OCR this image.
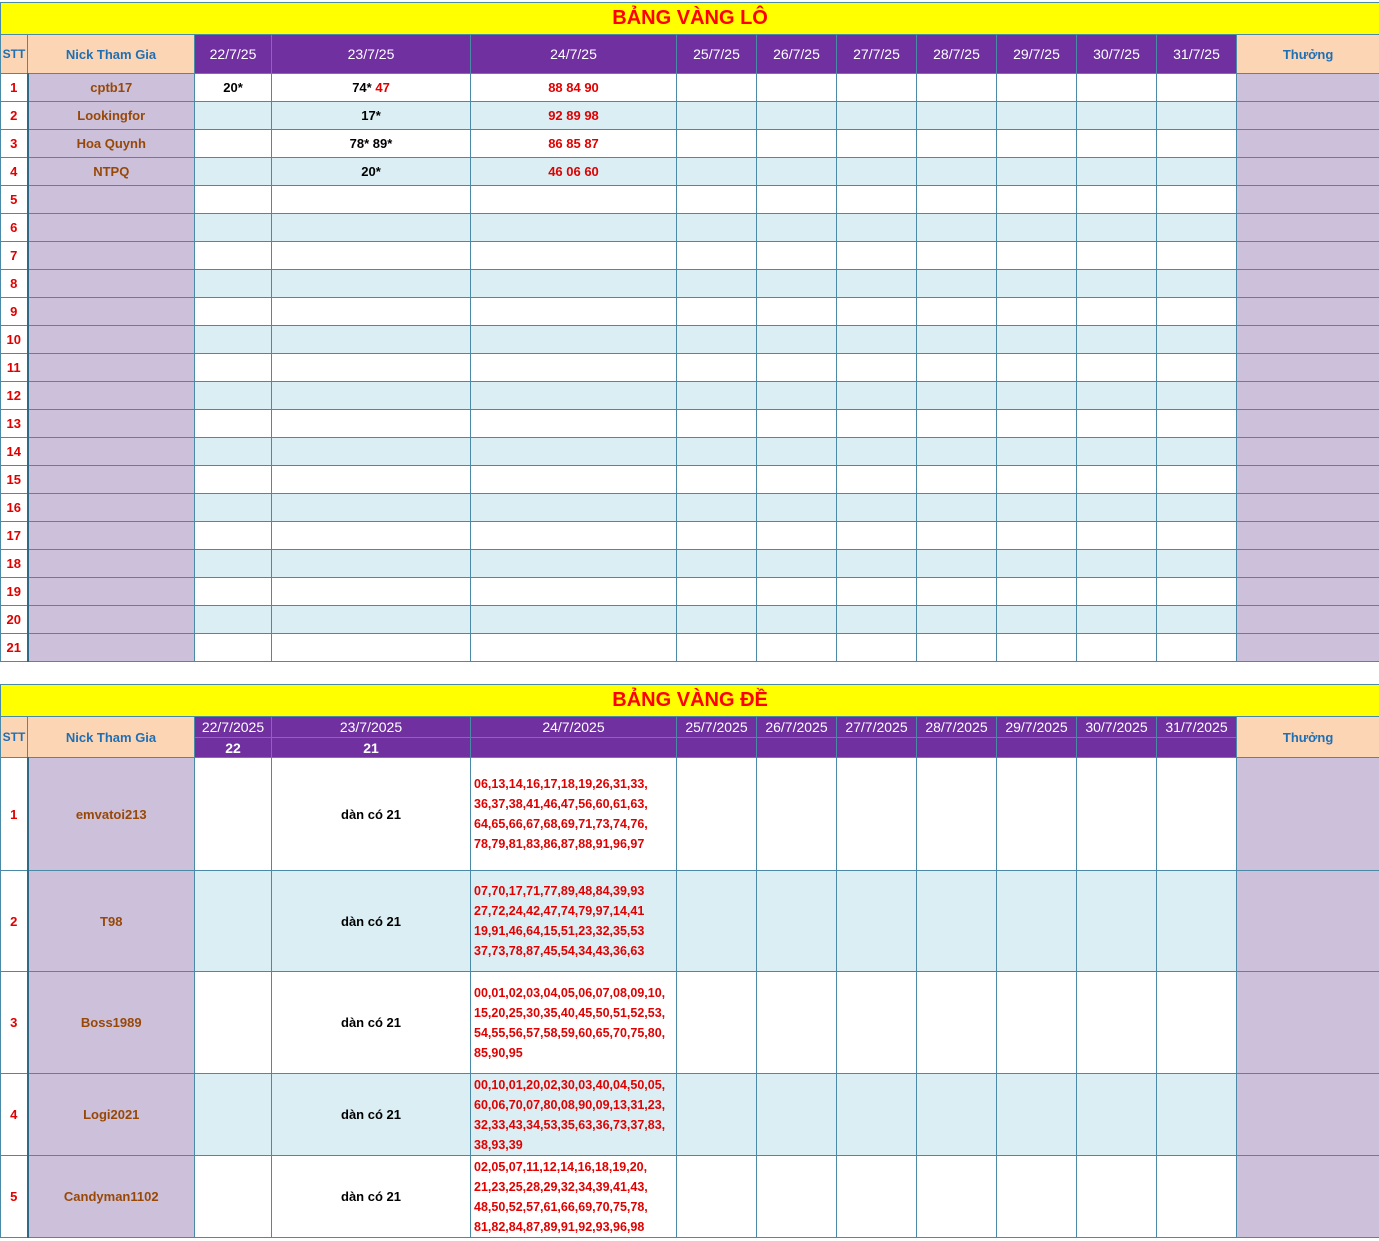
BẢNG VÀNG LÔ												
STT	Nick Tham Gia	22/7/25	23/7/25	24/7/25	25/7/25	26/7/25	27/7/25	28/7/25	29/7/25	30/7/25	31/7/25	Thưởng
1	cptb17	20*	74* 47	88 84 90								
2	Lookingfor		17*	92 89 98								
3	Hoa Quynh		78* 89*	86 85 87								
4	NTPQ		20*	46 06 60								
5												
6												
7												
8												
9												
10												
11												
12												
13												
14												
15												
16												
17												
18												
19												
20												
21												
BẢNG VÀNG ĐỀ												
STT	Nick Tham Gia	22/7/2025	23/7/2025	24/7/2025	25/7/2025	26/7/2025	27/7/2025	28/7/2025	29/7/2025	30/7/2025	31/7/2025	Thưởng
		22	21									
1	emvatoi213		dàn có 21	06,13,14,16,17,18,19,26,31,33,
36,37,38,41,46,47,56,60,61,63,
64,65,66,67,68,69,71,73,74,76,
78,79,81,83,86,87,88,91,96,97								

2	T98		dàn có 21	07,70,17,71,77,89,48,84,39,93
27,72,24,42,47,74,79,97,14,41
19,91,46,64,15,51,23,32,35,53
37,73,78,87,45,54,34,43,36,63								

3	Boss1989		dàn có 21	00,01,02,03,04,05,06,07,08,09,10,
15,20,25,30,35,40,45,50,51,52,53,
54,55,56,57,58,59,60,65,70,75,80,
85,90,95								

4	Logi2021		dàn có 21	00,10,01,20,02,30,03,40,04,50,05,
60,06,70,07,80,08,90,09,13,31,23,
32,33,43,34,53,35,63,36,73,37,83,
38,93,39								

5	Candyman1102		dàn có 21	02,05,07,11,12,14,16,18,19,20,
21,23,25,28,29,32,34,39,41,43,
48,50,52,57,61,66,69,70,75,78,
81,82,84,87,89,91,92,93,96,98								
